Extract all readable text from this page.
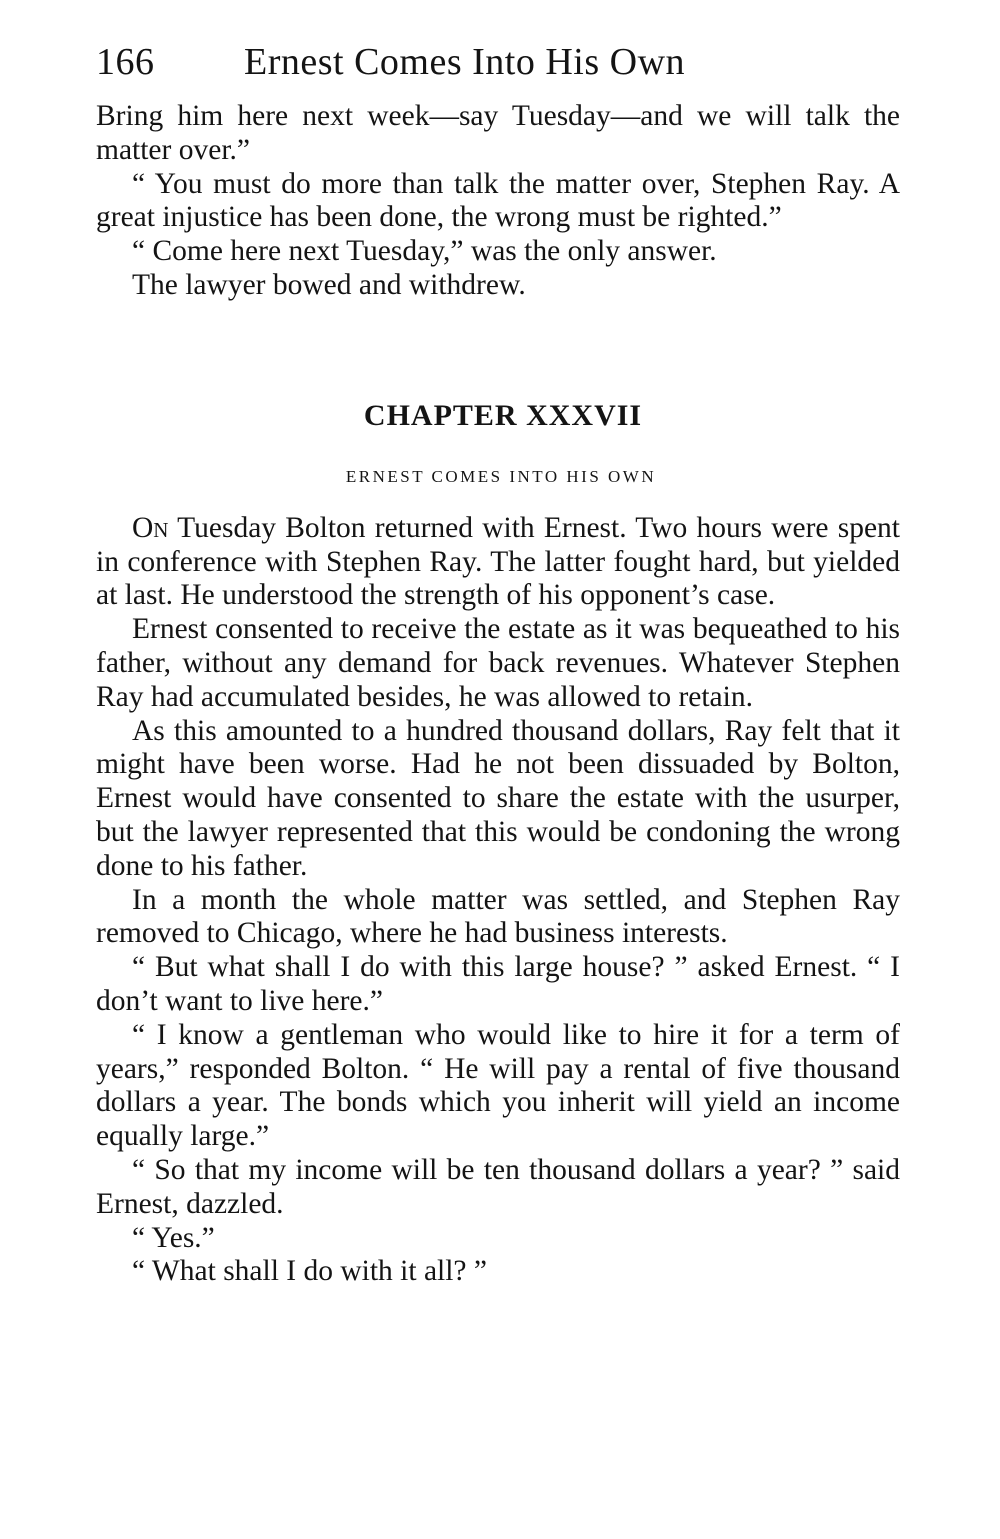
166 Ernest Comes Into His Own

Bring him here next week—say Tuesday—and we will talk the matter over.”

“ You must do more than talk the matter over, Stephen Ray. A great injustice has been done, the wrong must be righted.”

“ Come here next Tuesday,” was the only answer.

The lawyer bowed and withdrew.

CHAPTER XXXVII
ERNEST COMES INTO HIS OWN

On Tuesday Bolton returned with Ernest. Two hours were spent in conference with Stephen Ray. The latter fought hard, but yielded at last. He understood the strength of his opponent’s case.

Ernest consented to receive the estate as it was bequeathed to his father, without any demand for back revenues. Whatever Stephen Ray had accumulated besides, he was allowed to retain.

As this amounted to a hundred thousand dollars, Ray felt that it might have been worse. Had he not been dissuaded by Bolton, Ernest would have consented to share the estate with the usurper, but the lawyer represented that this would be condoning the wrong done to his father.

In a month the whole matter was settled, and Stephen Ray removed to Chicago, where he had business interests.

“ But what shall I do with this large house? ” asked Ernest. “ I don’t want to live here.”

“ I know a gentleman who would like to hire it for a term of years,” responded Bolton. “ He will pay a rental of five thousand dollars a year. The bonds which you inherit will yield an income equally large.”

“ So that my income will be ten thousand dollars a year? ” said Ernest, dazzled.

“ Yes.”

“ What shall I do with it all? ”
